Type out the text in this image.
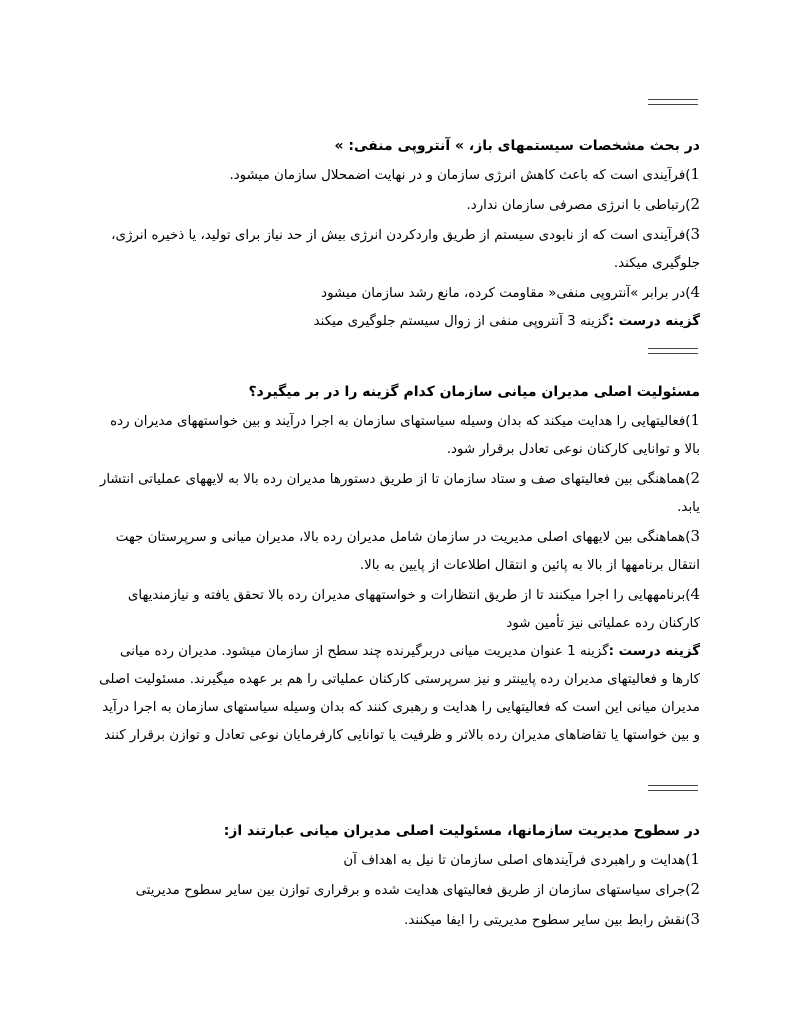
در بحث مشخصات سیستمهای باز، » آنتروپی منفی: »

1)فرآیندی است که باعث کاهش انرژی سازمان و در نهایت اضمحلال سازمان میشود.

2)رتباطی با انرژی مصرفی سازمان ندارد.

3)فرآیندی است که از نابودی سیستم از طریق واردکردن انرژی بیش از حد نیاز برای تولید، یا ذخیره انرژی، جلوگیری میکند.

4)در برابر »آنتروپی منفی« مقاومت کرده، مانع رشد سازمان میشود

گزینه درست :گزینه 3 آنتروپی منفی از زوال سیستم جلوگیری میکند

مسئولیت اصلی مدیران میانی سازمان کدام گزینه را در بر میگیرد؟

1)فعالیتهایی را هدایت میکند که بدان وسیله سیاستهای سازمان به اجرا درآیند و بین خواستههای مدیران رده بالا و توانایی کارکنان نوعی تعادل برقرار شود.

2)هماهنگی بین فعالیتهای صف و ستاد سازمان تا از طریق دستورها مدیران رده بالا به لایههای عملیاتی انتشار یابد.

3)هماهنگی بین لایههای اصلی مدیریت در سازمان شامل مدیران رده بالا، مدیران میانی و سرپرستان جهت انتقال برنامهها از بالا به پائین و انتقال اطلاعات از پایین به بالا.

4)برنامههایی را اجرا میکنند تا از طریق انتظارات و خواستههای مدیران رده بالا تحقق یافته و نیازمندیهای کارکنان رده عملیاتی نیز تأمین شود

گزینه درست :گزینه 1 عنوان مدیریت میانی دربرگیرنده چند سطح از سازمان میشود. مدیران رده میانی کارها و فعالیتهای مدیران رده پایینتر و نیز سرپرستی کارکنان عملیاتی را هم بر عهده میگیرند. مسئولیت اصلی مدیران میانی این است که فعالیتهایی را هدایت و رهبری کنند که بدان وسیله سیاستهای سازمان به اجرا درآید و بین خواستها یا تقاضاهای مدیران رده بالاتر و ظرفیت یا توانایی کارفرمایان نوعی تعادل و توازن برقرار کنند

در سطوح مدیریت سازمانها، مسئولیت اصلی مدیران میانی عبارتند از:

1)هدایت و راهبردی فرآیندهای اصلی سازمان تا نیل به اهداف آن

2)جرای سیاستهای سازمان از طریق فعالیتهای هدایت شده و برقراری توازن بین سایر سطوح مدیریتی

3)نقش رابط بین سایر سطوح مدیریتی را ایفا میکنند.
